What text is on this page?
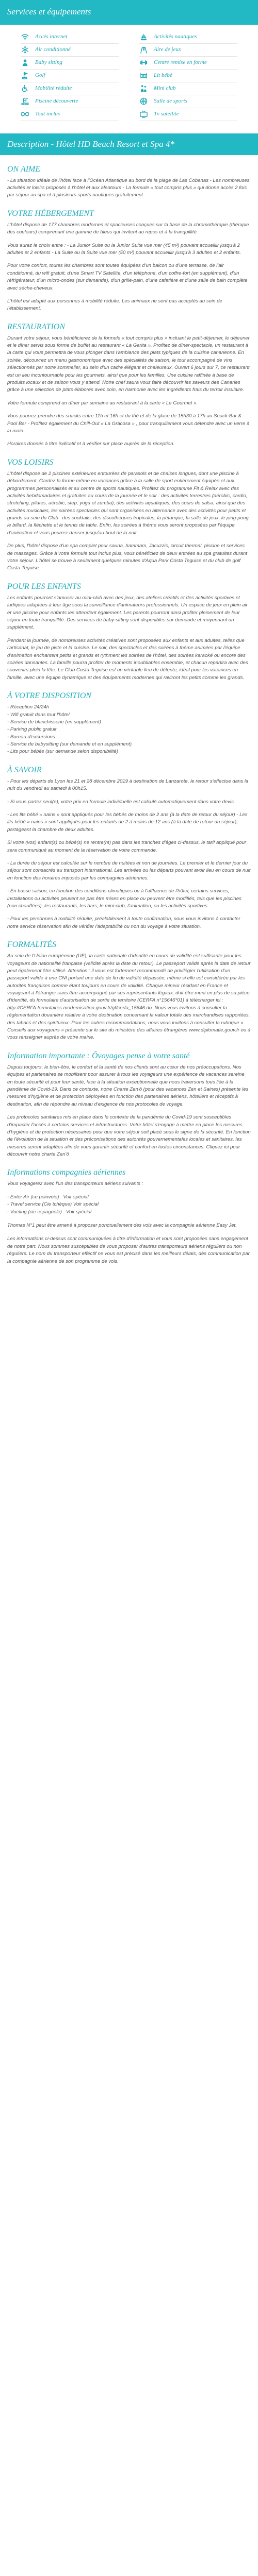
Services et équipements
Accès internet	Activités nautiques
Air conditionné	Aire de jeux
Baby sitting	Centre remise en forme
Golf	Lit bébé
Mobilité réduite	Mini club
Piscine découverte	Salle de sports
Tout inclus	Tv satellite
Description - Hôtel HD Beach Resort et Spa 4*
ON AIME

- La situation idéale de l'hôtel face à l'Océan Atlantique au bord de la plage de Las Cobanas - Les nombreuses activités et loisirs proposés à l'hôtel et aux alentours - La formule « tout compris plus » qui donne accès 2 fois par séjour au spa et à plusieurs sports nautiques gratuitement

VOTRE HÉBERGEMENT

L'hôtel dispose de 177 chambres modernes et spacieuses conçues sur la base de la chromothérapie (thérapie des couleurs) comprenant une gamme de bleus qui invitent au repos et à la tranquillité.

Vous aurez le choix entre : - La Junior Suite ou la Junior Suite vue mer (45 m²) pouvant accueillir jusqu'à 2 adultes et 2 enfants - La Suite ou la Suite vue mer (50 m²) pouvant accueillir jusqu'à 3 adultes et 2 enfants.

Pour votre confort, toutes les chambres sont toutes équipées d'un balcon ou d'une terrasse, de l'air conditionné, du wifi gratuit, d'une Smart TV Satellite, d'un téléphone, d'un coffre-fort (en supplément), d'un réfrigérateur, d'un micro-ondes (sur demande), d'un grille-pain, d'une cafetière et d'une salle de bain complète avec sèche-cheveux.

L'hôtel est adapté aux personnes à mobilité réduite. Les animaux ne sont pas acceptés au sein de l'établissement.

RESTAURATION

Durant votre séjour, vous bénéficierez de la formule « tout compris plus » incluant le petit-déjeuner, le déjeuner et le dîner servis sous forme de buffet au restaurant « La Garita ». Profitez de dîner-spectacle, un restaurant à la carte qui vous permettra de vous plonger dans l'ambiance des plats typiques de la cuisine canarienne. En soirée, découvrez un menu gastronomique avec des spécialités de saison, le tout accompagné de vins sélectionnés par notre sommelier, au sein d'un cadre élégant et chaleureux. Ouvert 6 jours sur 7, ce restaurant est un lieu incontournable pour les gourmets, ainsi que pour les familles. Une cuisine raffinée à base de produits locaux et de saison vous y attend. Notre chef saura vous faire découvrir les saveurs des Canaries grâce à une sélection de plats élaborés avec soin, en harmonie avec les ingrédients frais du terroir insulaire.

Votre formule comprend un dîner par semaine au restaurant à la carte « Le Gourmet ».

Vous pourrez prendre des snacks entre 11h et 16h et du thé et de la glace de 15h30 à 17h au Snack-Bar & Pool Bar - Profitez également du Chill-Out « La Gracosa » , pour tranquillement vous détendre avec un verre à la main.

Horaires donnés à titre indicatif et à vérifier sur place auprès de la réception.

VOS LOISIRS

L'hôtel dispose de 2 piscines extérieures entourées de parasols et de chaises longues, dont une piscine à débordement. Gardez la forme même en vacances grâce à la salle de sport entièrement équipée et aux programmes personnalisés et au centre de sports nautiques. Profitez du programme Fit & Relax avec des activités hebdomadaires et gratuites au cours de la journée et le soir : des activités terrestres (aérobic, cardio, stretching, pilates, aérobic, step, yoga et zumba), des activités aquatiques, des cours de salsa, ainsi que des activités musicales, les soirées spectacles qui sont organisées en alternance avec des activités pour petits et grands au sein du Club : des cocktails, des discothèques tropicales, la pétanque, la salle de jeux, le ping-pong, le billard, la fléchette et le tennis de table. Enfin, les soirées à thème vous seront proposées par l'équipe d'animation et vous pourrez danser jusqu'au bout de la nuit.

De plus, l'hôtel dispose d'un spa complet pour sauna, hammam, Jacuzzis, circuit thermal, piscine et services de massages. Grâce à votre formule tout inclus plus, vous bénéficiez de deux entrées au spa gratuites durant votre séjour. L'hôtel se trouve à seulement quelques minutes d'Aqua Park Costa Teguise et du club de golf Costa Teguise.

POUR LES ENFANTS

Les enfants pourront s'amuser au mini-club avec des jeux, des ateliers créatifs et des activités sportives et ludiques adaptées à leur âge sous la surveillance d'animateurs professionnels. Un espace de jeux en plein air et une piscine pour enfants les attendent également. Les parents pourront ainsi profiter pleinement de leur séjour en toute tranquillité. Des services de baby-sitting sont disponibles sur demande et moyennant un supplément.

Pendant la journée, de nombreuses activités créatives sont proposées aux enfants et aux adultes, telles que l'artisanat, le jeu de piste et la cuisine. Le soir, des spectacles et des soirées à thème animées par l'équipe d'animation enchantent petits et grands et rythment les soirées de l'hôtel, des soirées karaoké ou encore des soirées dansantes. La famille pourra profiter de moments inoubliables ensemble, et chacun repartira avec des souvenirs plein la tête. Le Club Costa Teguise est un véritable lieu de détente, idéal pour les vacances en famille, avec une équipe dynamique et des équipements modernes qui raviront les petits comme les grands.

À VOTRE DISPOSITION
- Réception 24/24h
- Wifi gratuit dans tout l'hôtel
- Service de blanchisserie (en supplément)
- Parking public gratuit
- Bureau d'excursions
- Service de babysitting (sur demande et en supplément)
- Lits pour bébés (sur demande selon disponibilité)
À SAVOIR

- Pour les départs de Lyon les 21 et 28 décembre 2019 à destination de Lanzarote, le retour s'effectue dans la nuit du vendredi au samedi à 00h15.

- Si vous partez seul(e), votre prix en formule individuelle est calculé automatiquement dans votre devis.

- Les lits bébé « nains » sont appliqués pour les bébés de moins de 2 ans (à la date de retour du séjour) - Les lits bébé « nains » sont appliqués pour les enfants de 2 à moins de 12 ans (à la date de retour du séjour), partageant la chambre de deux adultes.

Si votre (vos) enfant(s) ou bébé(s) ne rentre(nt) pas dans les tranches d'âges ci-dessus, le tarif appliqué pour sera communiqué au moment de la réservation de votre commande.

- La durée du séjour est calculée sur le nombre de nuitées et non de journées. Le premier et le dernier jour du séjour sont consacrés au transport international. Les arrivées ou les départs pouvant avoir lieu en cours de nuit en fonction des horaires imposés par les compagnies aériennes.

- En basse saison, en fonction des conditions climatiques ou à l'affluence de l'hôtel, certains services, installations ou activités peuvent ne pas être mises en place ou peuvent être modifiés, tels que les piscines (non chauffées), les restaurants, les bars, le mini-club, l'animation, ou les activités sportives.

- Pour les personnes à mobilité réduite, préalablement à toute confirmation, nous vous invitons à contacter notre service réservation afin de vérifier l'adaptabilité ou non du voyage à votre situation.

FORMALITÉS

Au sein de l'Union européenne (UE), la carte nationale d'identité en cours de validité est suffisante pour les voyageurs de nationalité française (validité après la date du retour). Le passeport valide après la date de retour peut également être utilisé. Attention : il vous est fortement recommandé de privilégier l'utilisation d'un passeport valide à une CNI portant une date de fin de validité dépassée, même si elle est considérée par les autorités françaises comme étant toujours en cours de validité. Chaque mineur résidant en France et voyageant à l'étranger sans être accompagné par ses représentants légaux, doit être muni en plus de sa pièce d'identité, du formulaire d'autorisation de sortie de territoire (CERFA n°15646*01) à télécharger ici : http://CERFA.formulaires.modernisation.gouv.fr/gf/cerfa_15646.do. Nous vous invitons à consulter la réglementation douanière relative à votre destination concernant la valeur totale des marchandises rapportées, des tabacs et des spiritueux. Pour les autres recommandations, nous vous invitons à consulter la rubrique « Conseils aux voyageurs » présente sur le site du ministère des affaires étrangères www.diplomatie.gouv.fr ou à vous renseigner auprès de votre mairie.

Information importante : Ôvoyages pense à votre santé

Depuis toujours, le bien-être, le confort et la santé de nos clients sont au cœur de nos préoccupations. Nos équipes et partenaires se mobilisent pour assurer à tous les voyageurs une expérience de vacances sereine en toute sécurité et pour leur santé, face à la situation exceptionnelle que nous traversons tous liée à la pandémie de Covid-19. Dans ce contexte, notre Charte Zen'ô (pour des vacances Zen et Saines) présente les mesures d'hygiène et de protection déployées en fonction des partenaires aériens, hôteliers et réceptifs à destination, afin de répondre au niveau d'exigence de nos protocoles de voyage.

Les protocoles sanitaires mis en place dans le contexte de la pandémie du Covid-19 sont susceptibles d'impacter l'accès à certains services et infrastructures. Votre hôtel s'engage à mettre en place les mesures d'hygiène et de protection nécessaires pour que votre séjour soit placé sous le signe de la sécurité. En fonction de l'évolution de la situation et des préconisations des autorités gouvernementales locales et sanitaires, les mesures seront adaptées afin de vous garantir sécurité et confort en toutes circonstances. Cliquez ici pour découvrir notre charte Zen'ô

Informations compagnies aériennes

Vous voyagerez avec l'un des transporteurs aériens suivants :

- Enter Air (ce poinvoie) : Voir spécial
- Travel service (Cie tchèque) Voir spécial
- Vueling (cie espagnole) : Voir spécial

Thomas N°1 peut être amené à proposer ponctuellement des vols avec la compagnie aérienne Easy Jet.

Les informations ci-dessus sont communiquées à titre d'information et vous sont proposées sans engagement de notre part. Nous sommes susceptibles de vous proposer d'autres transporteurs aériens réguliers ou non réguliers. Le nom du transporteur effectif ne vous est précisé dans les meilleurs délais, dès communication par la compagnie aérienne de son programme de vols.
